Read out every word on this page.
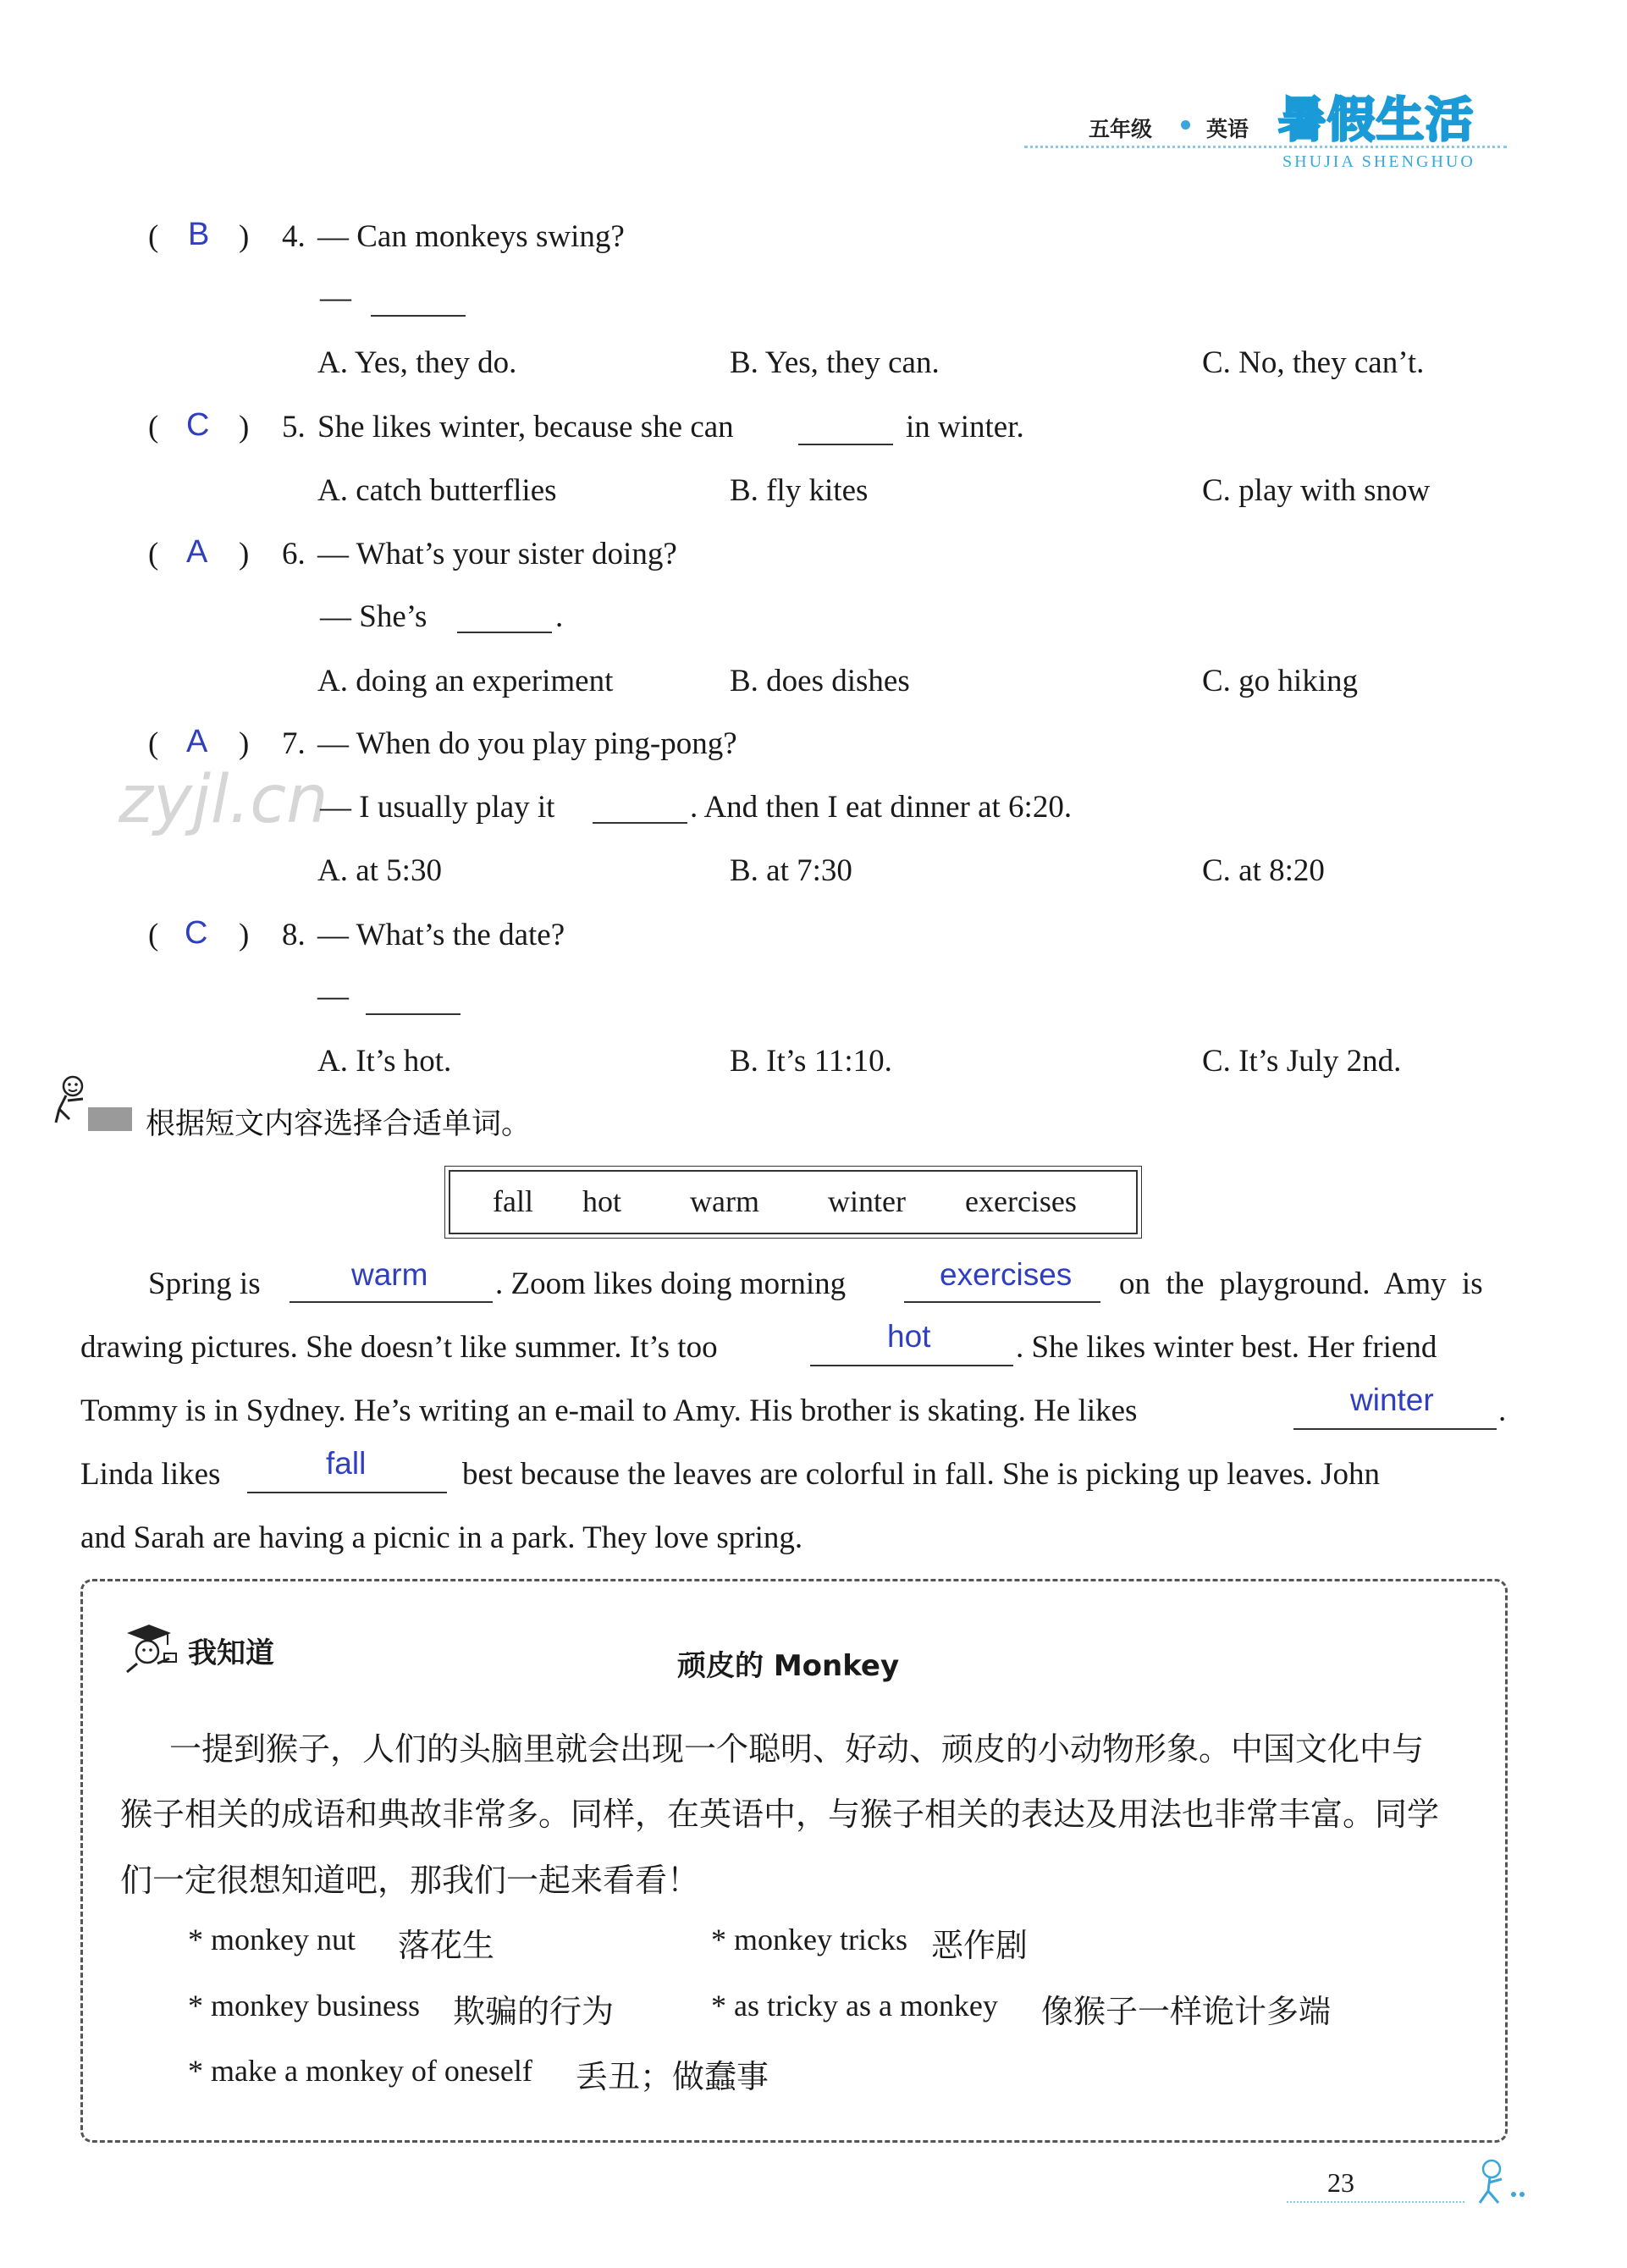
五年级	英语 暑假生活
SHUJIA SHENGHUO
zyjl.cn
( B ) 4. — Can monkeys swing?
—
A. Yes, they do.	B. Yes, they can.	C. No, they can’t.
( C ) 5. She likes winter, because she can	in winter.
A. catch butterflies	B. fly kites	C. play with snow
( A ) 6. — What’s your sister doing?
— She’s	.
A. doing an experiment	B. does dishes	C. go hiking
( A ) 7. — When do you play ping-pong?
— I usually play it	. And then I eat dinner at 6:20.
A. at 5:30	B. at 7:30	C. at 8:20
( C ) 8. — What’s the date?
—
A. It’s hot.	B. It’s 11:10.	C. It’s July 2nd.
根据短文内容选择合适单词。
fall hot warm winter exercises
Spring is	warm . Zoom likes doing morning	exercises on the playground. Amy is
drawing pictures. She doesn’t like summer. It’s too	hot	. She likes winter best. Her friend
Tommy is in Sydney. He’s writing an e-mail to Amy. His brother is skating. He likes	winter .
Linda likes	fall	best because the leaves are colorful in fall. She is picking up leaves. John
and Sarah are having a picnic in a park. They love spring.
我知道	顽皮的 Monkey
一提到猴子，人们的头脑里就会出现一个聪明、好动、顽皮的小动物形象。中国文化中与
猴子相关的成语和典故非常多。同样，在英语中，与猴子相关的表达及用法也非常丰富。同学
们一定很想知道吧，那我们一起来看看！
* monkey nut 落花生	* monkey tricks 恶作剧
* monkey business 欺骗的行为	* as tricky as a monkey 像猴子一样诡计多端
* make a monkey of oneself 丢丑；做蠢事
23
